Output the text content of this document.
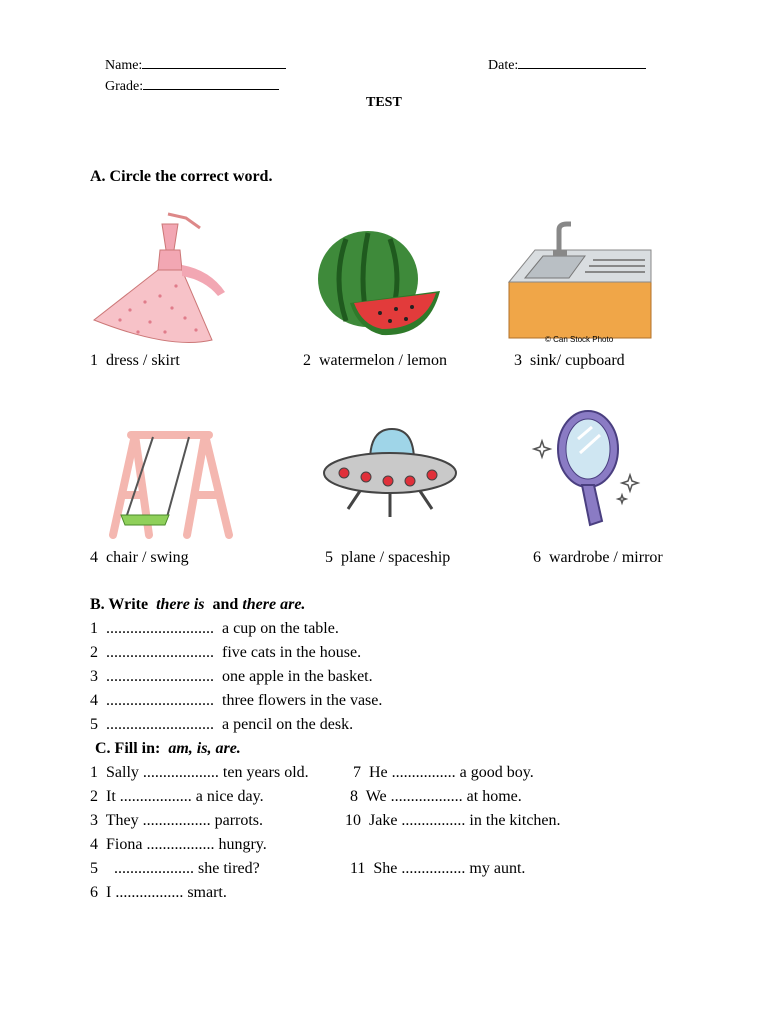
Name:	Date:
Grade:
TEST
A. Circle the correct word.
© Can Stock Photo
1 dress / skirt	2 watermelon / lemon	3 sink/ cupboard
4 chair / swing	5 plane / spaceship	6 wardrobe / mirror
B. Write there is and there are.
1 ........................... a cup on the table.
2 ........................... five cats in the house.
3 ........................... one apple in the basket.
4 ........................... three flowers in the vase.
5 ........................... a pencil on the desk.
C. Fill in: am, is, are.
1 Sally ................... ten years old.
2 It .................. a nice day.
3 They ................. parrots.
4 Fiona ................. hungry.
5    .................... she tired?
6 I ................. smart.
7 He ................ a good boy.
8 We .................. at home.
10 Jake ................ in the kitchen.
11 She ................ my aunt.
